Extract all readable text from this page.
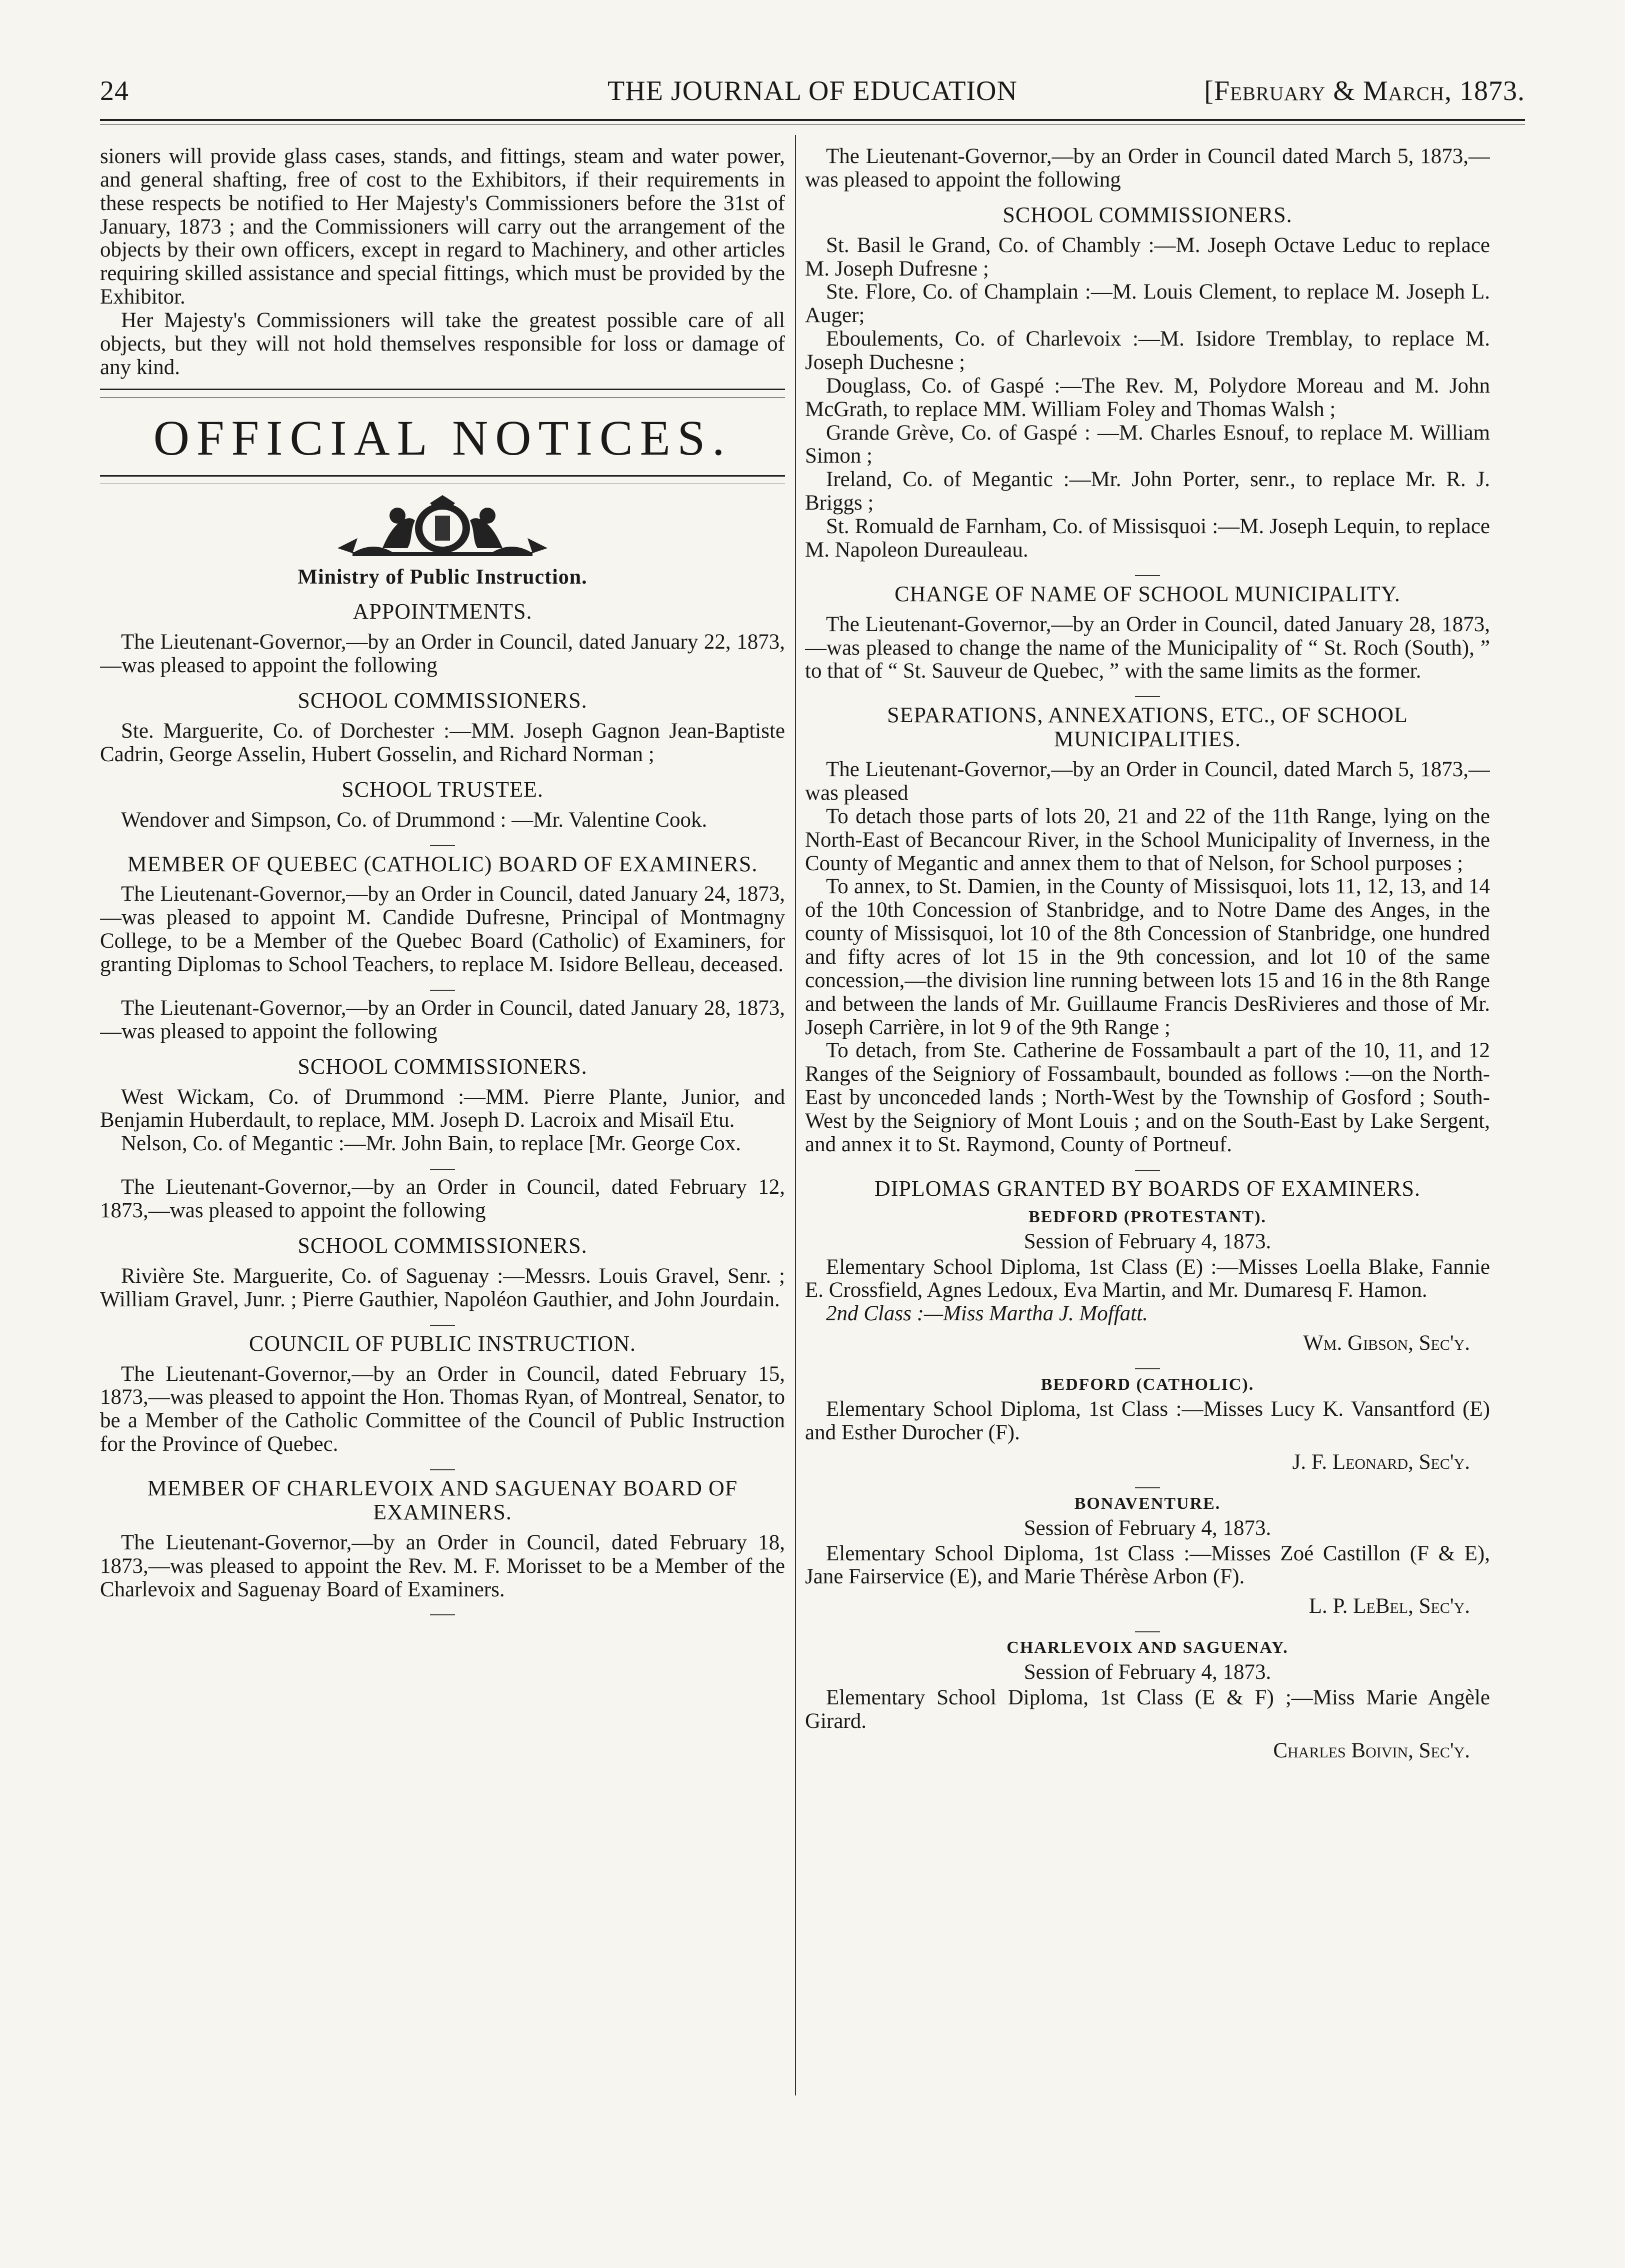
24	THE JOURNAL OF EDUCATION	[February & March, 1873.

sioners will provide glass cases, stands, and fittings, steam and water power, and general shafting, free of cost to the Exhibitors, if their requirements in these respects be notified to Her Majesty's Commissioners before the 31st of January, 1873 ; and the Commissioners will carry out the arrangement of the objects by their own officers, except in regard to Machinery, and other articles requiring skilled assistance and special fittings, which must be provided by the Exhibitor.

Her Majesty's Commissioners will take the greatest possible care of all objects, but they will not hold themselves responsible for loss or damage of any kind.

OFFICIAL NOTICES.
Ministry of Public Instruction.
APPOINTMENTS.

The Lieutenant-Governor,—by an Order in Council, dated January 22, 1873,—was pleased to appoint the following

SCHOOL COMMISSIONERS.

Ste. Marguerite, Co. of Dorchester :—MM. Joseph Gagnon Jean-Baptiste Cadrin, George Asselin, Hubert Gosselin, and Richard Norman ;

SCHOOL TRUSTEE.

Wendover and Simpson, Co. of Drummond : —Mr. Valentine Cook.

MEMBER OF QUEBEC (CATHOLIC) BOARD OF EXAMINERS.

The Lieutenant-Governor,—by an Order in Council, dated January 24, 1873,—was pleased to appoint M. Candide Dufresne, Principal of Montmagny College, to be a Member of the Quebec Board (Catholic) of Examiners, for granting Diplomas to School Teachers, to replace M. Isidore Belleau, deceased.

The Lieutenant-Governor,—by an Order in Council, dated January 28, 1873,—was pleased to appoint the following

SCHOOL COMMISSIONERS.

West Wickam, Co. of Drummond :—MM. Pierre Plante, Junior, and Benjamin Huberdault, to replace, MM. Joseph D. Lacroix and Misaïl Etu.

Nelson, Co. of Megantic :—Mr. John Bain, to replace [Mr. George Cox.

The Lieutenant-Governor,—by an Order in Council, dated February 12, 1873,—was pleased to appoint the following

SCHOOL COMMISSIONERS.

Rivière Ste. Marguerite, Co. of Saguenay :—Messrs. Louis Gravel, Senr. ; William Gravel, Junr. ; Pierre Gauthier, Napoléon Gauthier, and John Jourdain.

COUNCIL OF PUBLIC INSTRUCTION.

The Lieutenant-Governor,—by an Order in Council, dated February 15, 1873,—was pleased to appoint the Hon. Thomas Ryan, of Montreal, Senator, to be a Member of the Catholic Committee of the Council of Public Instruction for the Province of Quebec.

MEMBER OF CHARLEVOIX AND SAGUENAY BOARD OF EXAMINERS.

The Lieutenant-Governor,—by an Order in Council, dated February 18, 1873,—was pleased to appoint the Rev. M. F. Morisset to be a Member of the Charlevoix and Saguenay Board of Examiners.

The Lieutenant-Governor,—by an Order in Council dated March 5, 1873,—was pleased to appoint the following

SCHOOL COMMISSIONERS.

St. Basil le Grand, Co. of Chambly :—M. Joseph Octave Leduc to replace M. Joseph Dufresne ;

Ste. Flore, Co. of Champlain :—M. Louis Clement, to replace M. Joseph L. Auger;

Eboulements, Co. of Charlevoix :—M. Isidore Tremblay, to replace M. Joseph Duchesne ;

Douglass, Co. of Gaspé :—The Rev. M, Polydore Moreau and M. John McGrath, to replace MM. William Foley and Thomas Walsh ;

Grande Grève, Co. of Gaspé : —M. Charles Esnouf, to replace M. William Simon ;

Ireland, Co. of Megantic :—Mr. John Porter, senr., to replace Mr. R. J. Briggs ;

St. Romuald de Farnham, Co. of Missisquoi :—M. Joseph Lequin, to replace M. Napoleon Dureauleau.

CHANGE OF NAME OF SCHOOL MUNICIPALITY.

The Lieutenant-Governor,—by an Order in Council, dated January 28, 1873,—was pleased to change the name of the Municipality of “ St. Roch (South), ” to that of “ St. Sauveur de Quebec, ” with the same limits as the former.

SEPARATIONS, ANNEXATIONS, ETC., OF SCHOOL MUNICIPALITIES.

The Lieutenant-Governor,—by an Order in Council, dated March 5, 1873,—was pleased

To detach those parts of lots 20, 21 and 22 of the 11th Range, lying on the North-East of Becancour River, in the School Municipality of Inverness, in the County of Megantic and annex them to that of Nelson, for School purposes ;

To annex, to St. Damien, in the County of Missisquoi, lots 11, 12, 13, and 14 of the 10th Concession of Stanbridge, and to Notre Dame des Anges, in the county of Missisquoi, lot 10 of the 8th Concession of Stanbridge, one hundred and fifty acres of lot 15 in the 9th concession, and lot 10 of the same concession,—the division line running between lots 15 and 16 in the 8th Range and between the lands of Mr. Guillaume Francis DesRivieres and those of Mr. Joseph Carrière, in lot 9 of the 9th Range ;

To detach, from Ste. Catherine de Fossambault a part of the 10, 11, and 12 Ranges of the Seigniory of Fossambault, bounded as follows :—on the North-East by unconceded lands ; North-West by the Township of Gosford ; South-West by the Seigniory of Mont Louis ; and on the South-East by Lake Sergent, and annex it to St. Raymond, County of Portneuf.

DIPLOMAS GRANTED BY BOARDS OF EXAMINERS.
BEDFORD (PROTESTANT).
Session of February 4, 1873.

Elementary School Diploma, 1st Class (E) :—Misses Loella Blake, Fannie E. Crossfield, Agnes Ledoux, Eva Martin, and Mr. Dumaresq F. Hamon.

2nd Class :—Miss Martha J. Moffatt.

Wm. Gibson, Sec'y.
BEDFORD (CATHOLIC).

Elementary School Diploma, 1st Class :—Misses Lucy K. Vansantford (E) and Esther Durocher (F).

J. F. Leonard, Sec'y.
BONAVENTURE.
Session of February 4, 1873.

Elementary School Diploma, 1st Class :—Misses Zoé Castillon (F & E), Jane Fairservice (E), and Marie Thérèse Arbon (F).

L. P. LeBel, Sec'y.
CHARLEVOIX AND SAGUENAY.
Session of February 4, 1873.

Elementary School Diploma, 1st Class (E & F) ;—Miss Marie Angèle Girard.

Charles Boivin, Sec'y.
